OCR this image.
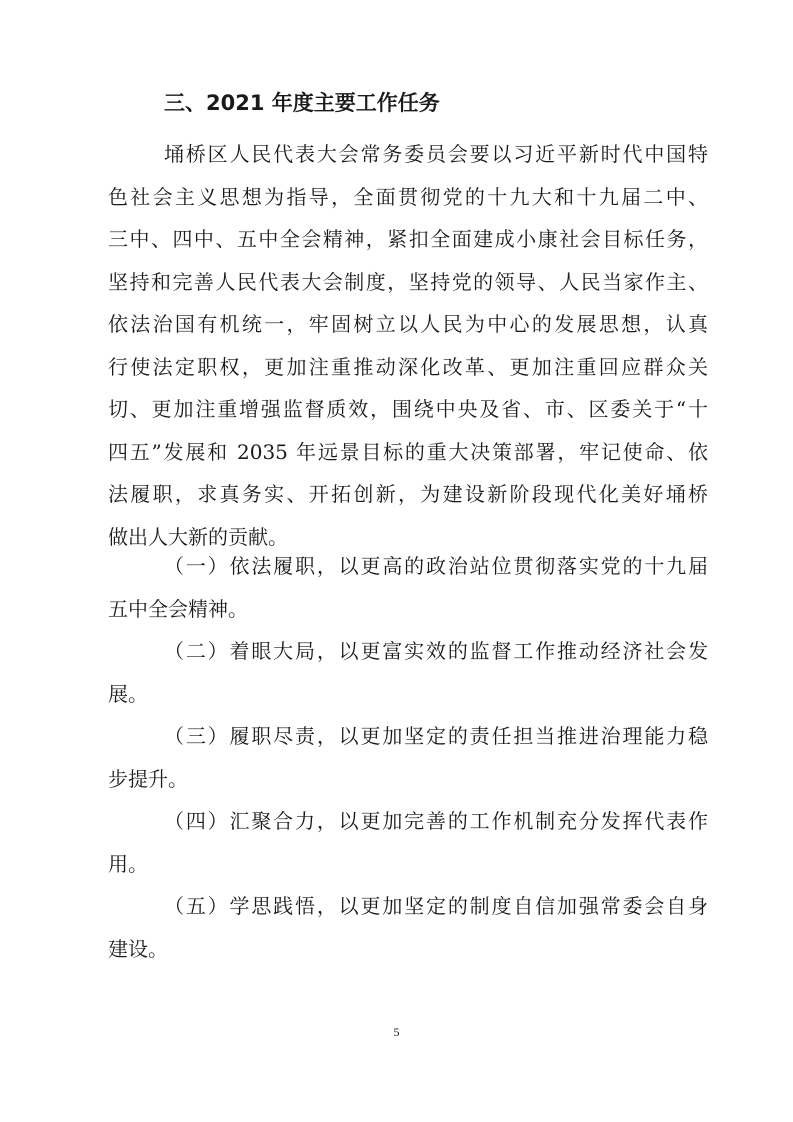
三、2021 年度主要工作任务
埇桥区人民代表大会常务委员会要以习近平新时代中国特
色社会主义思想为指导，全面贯彻党的十九大和十九届二中、
三中、四中、五中全会精神，紧扣全面建成小康社会目标任务，
坚持和完善人民代表大会制度，坚持党的领导、人民当家作主、
依法治国有机统一，牢固树立以人民为中心的发展思想，认真
行使法定职权，更加注重推动深化改革、更加注重回应群众关
切、更加注重增强监督质效，围绕中央及省、市、区委关于“十
四五”发展和 2035 年远景目标的重大决策部署，牢记使命、依
法履职，求真务实、开拓创新，为建设新阶段现代化美好埇桥
做出人大新的贡献。
（一）依法履职，以更高的政治站位贯彻落实党的十九届
五中全会精神。
（二）着眼大局，以更富实效的监督工作推动经济社会发
展。
（三）履职尽责，以更加坚定的责任担当推进治理能力稳
步提升。
（四）汇聚合力，以更加完善的工作机制充分发挥代表作
用。
（五）学思践悟，以更加坚定的制度自信加强常委会自身
建设。
5
